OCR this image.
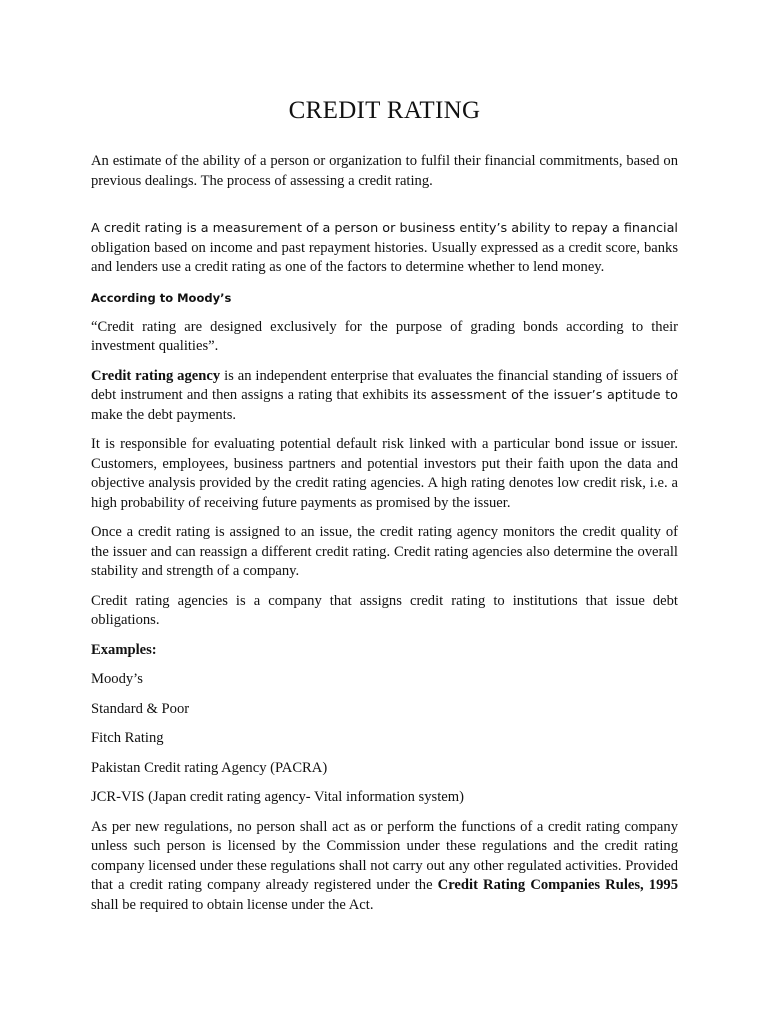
CREDIT RATING

An estimate of the ability of a person or organization to fulfil their financial commitments, based on previous dealings. The process of assessing a credit rating.

A credit rating is a measurement of a person or business entity’s ability to repay a financial obligation based on income and past repayment histories. Usually expressed as a credit score, banks and lenders use a credit rating as one of the factors to determine whether to lend money.

According to Moody’s

“Credit rating are designed exclusively for the purpose of grading bonds according to their investment qualities”.

Credit rating agency is an independent enterprise that evaluates the financial standing of issuers of debt instrument and then assigns a rating that exhibits its assessment of the issuer’s aptitude to make the debt payments.

It is responsible for evaluating potential default risk linked with a particular bond issue or issuer. Customers, employees, business partners and potential investors put their faith upon the data and objective analysis provided by the credit rating agencies. A high rating denotes low credit risk, i.e. a high probability of receiving future payments as promised by the issuer.

Once a credit rating is assigned to an issue, the credit rating agency monitors the credit quality of the issuer and can reassign a different credit rating. Credit rating agencies also determine the overall stability and strength of a company.

Credit rating agencies is a company that assigns credit rating to institutions that issue debt obligations.

Examples:

Moody’s

Standard & Poor

Fitch Rating

Pakistan Credit rating Agency (PACRA)

JCR-VIS (Japan credit rating agency- Vital information system)

As per new regulations, no person shall act as or perform the functions of a credit rating company unless such person is licensed by the Commission under these regulations and the credit rating company licensed under these regulations shall not carry out any other regulated activities. Provided that a credit rating company already registered under the Credit Rating Companies Rules, 1995 shall be required to obtain license under the Act.
